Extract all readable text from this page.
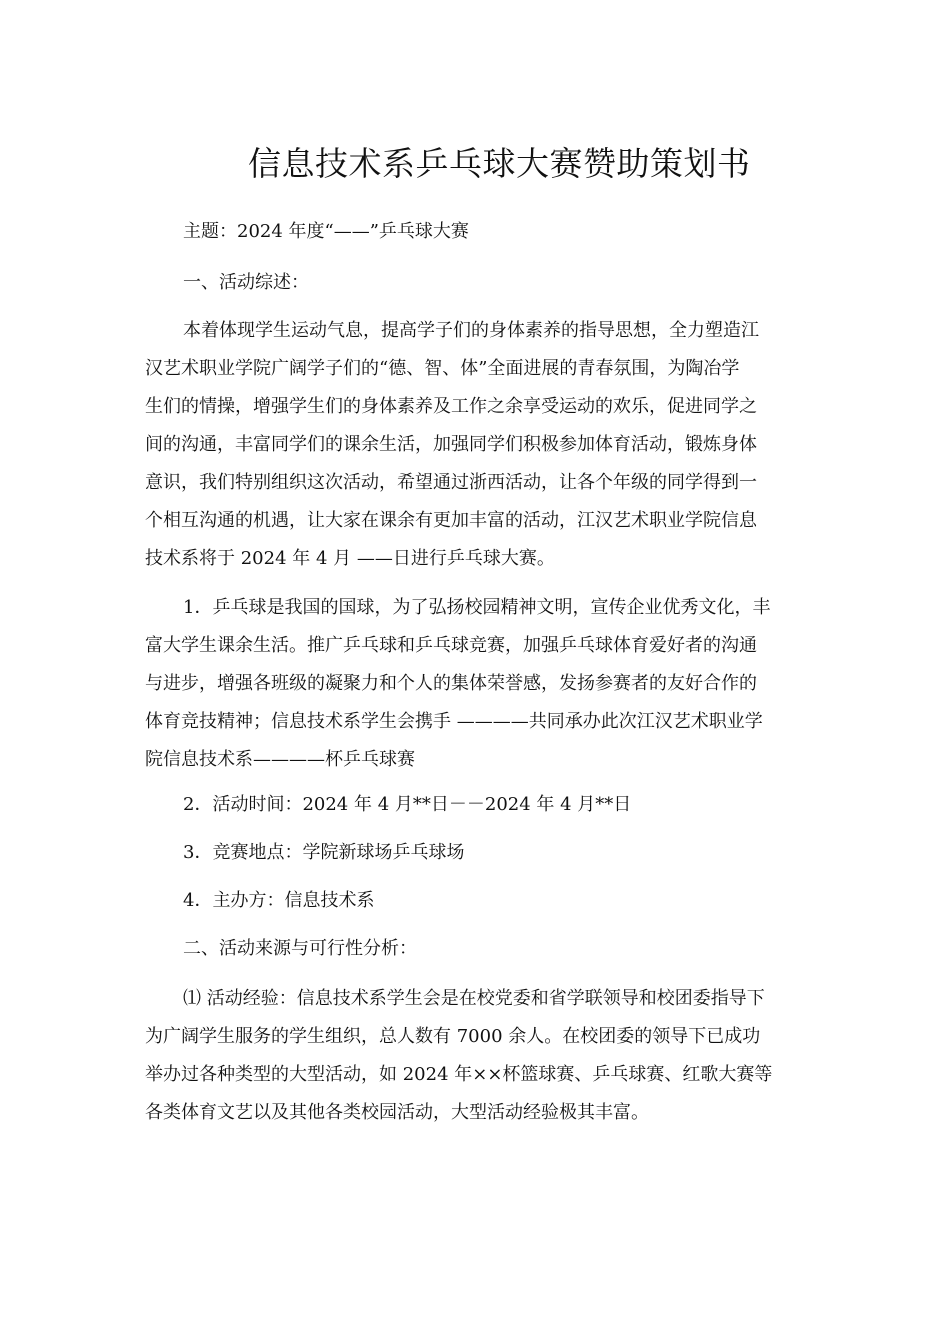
信息技术系乒乓球大赛赞助策划书
主题：2024 年度“——”乒乓球大赛
一、活动综述：
本着体现学生运动气息，提高学子们的身体素养的指导思想，全力塑造江
汉艺术职业学院广阔学子们的“德、智、体”全面进展的青春氛围，为陶冶学
生们的情操，增强学生们的身体素养及工作之余享受运动的欢乐，促进同学之
间的沟通，丰富同学们的课余生活，加强同学们积极参加体育活动，锻炼身体
意识，我们特别组织这次活动，希望通过浙西活动，让各个年级的同学得到一
个相互沟通的机遇，让大家在课余有更加丰富的活动，江汉艺术职业学院信息
技术系将于 2024 年 4 月 ——日进行乒乓球大赛。
1．乒乓球是我国的国球，为了弘扬校园精神文明，宣传企业优秀文化，丰
富大学生课余生活。推广乒乓球和乒乓球竞赛，加强乒乓球体育爱好者的沟通
与进步，增强各班级的凝聚力和个人的集体荣誉感，发扬参赛者的友好合作的
体育竞技精神；信息技术系学生会携手 ————共同承办此次江汉艺术职业学
院信息技术系————杯乒乓球赛
2．活动时间：2024 年 4 月**日－－2024 年 4 月**日
3．竞赛地点：学院新球场乒乓球场
4．主办方：信息技术系
二、活动来源与可行性分析：
⑴ 活动经验：信息技术系学生会是在校党委和省学联领导和校团委指导下
为广阔学生服务的学生组织，总人数有 7000 余人。在校团委的领导下已成功
举办过各种类型的大型活动，如 2024 年××杯篮球赛、乒乓球赛、红歌大赛等
各类体育文艺以及其他各类校园活动，大型活动经验极其丰富。
